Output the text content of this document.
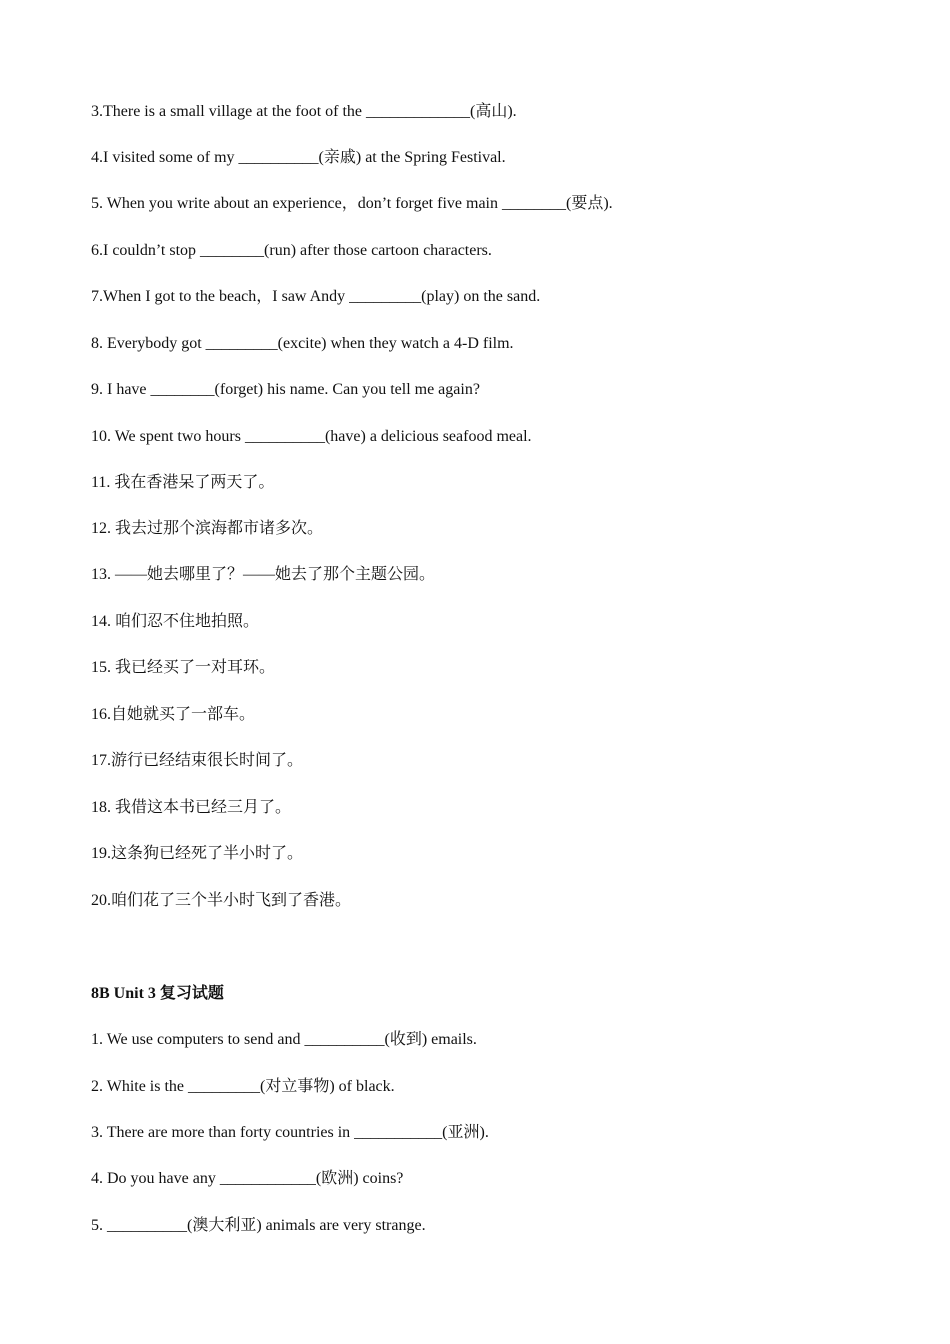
3.There is a small village at the foot of the _____________(高山).
4.I visited some of my __________(亲戚) at the Spring Festival.
5. When you write about an experience，don’t forget five main ________(要点).
6.I couldn’t stop ________(run) after those cartoon characters.
7.When I got to the beach，I saw Andy _________(play) on the sand.
8. Everybody got _________(excite) when they watch a 4-D film.
9. I have ________(forget) his name. Can you tell me again?
10. We spent two hours __________(have) a delicious seafood meal.
11. 我在香港呆了两天了。
12. 我去过那个滨海都市诸多次。
13. ——她去哪里了？——她去了那个主题公园。
14. 咱们忍不住地拍照。
15. 我已经买了一对耳环。
16.自她就买了一部车。
17.游行已经结束很长时间了。
18. 我借这本书已经三月了。
19.这条狗已经死了半小时了。
20.咱们花了三个半小时飞到了香港。
8B Unit 3 复习试题
1. We use computers to send and __________(收到) emails.
2. White is the _________(对立事物) of black.
3. There are more than forty countries in ___________(亚洲).
4. Do you have any ____________(欧洲) coins?
5. __________(澳大利亚) animals are very strange.
